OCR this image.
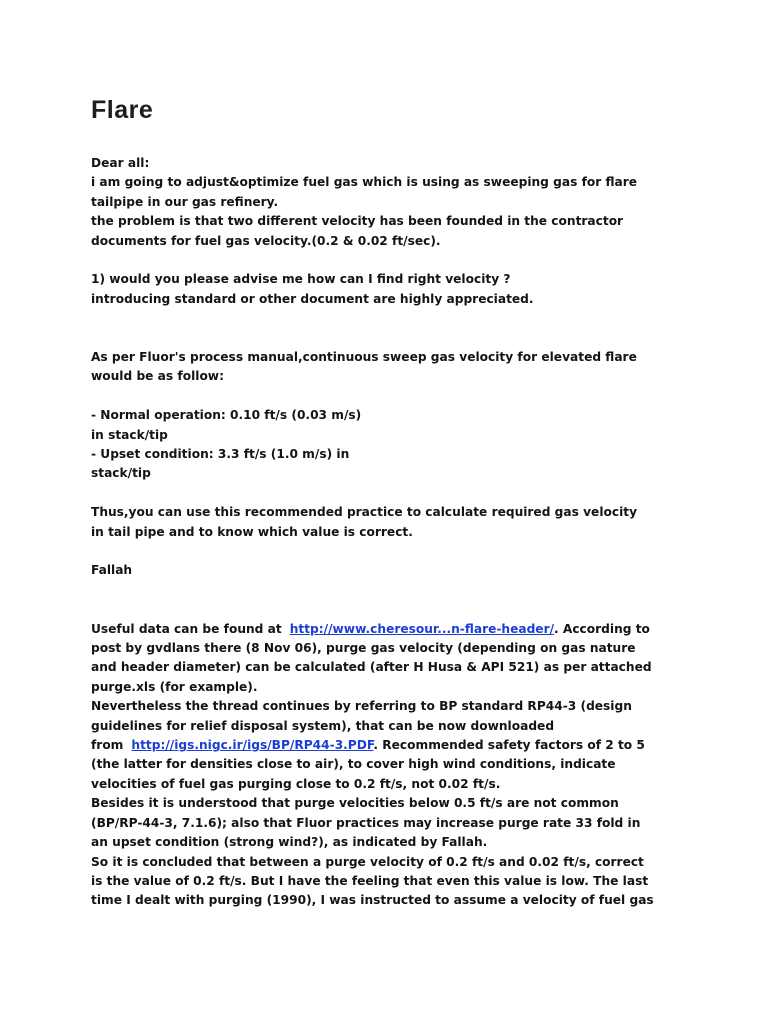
Flare
Dear all:
i am going to adjust&optimize fuel gas which is using as sweeping gas for flare
tailpipe in our gas refinery.
the problem is that two different velocity has been founded in the contractor
documents for fuel gas velocity.(0.2 & 0.02 ft/sec).
1) would you please advise me how can I find right velocity ?
introducing standard or other document are highly appreciated.
As per Fluor's process manual,continuous sweep gas velocity for elevated flare
would be as follow:
- Normal operation: 0.10 ft/s (0.03 m/s)
in stack/tip
- Upset condition: 3.3 ft/s (1.0 m/s) in
stack/tip
Thus,you can use this recommended practice to calculate required gas velocity
in tail pipe and to know which value is correct.
Fallah
Useful data can be found at http://www.cheresour...n-flare-header/. According to
post by gvdlans there (8 Nov 06), purge gas velocity (depending on gas nature
and header diameter) can be calculated (after H Husa & API 521) as per attached
purge.xls (for example).
Nevertheless the thread continues by referring to BP standard RP44-3 (design
guidelines for relief disposal system), that can be now downloaded
from http://igs.nigc.ir/igs/BP/RP44-3.PDF. Recommended safety factors of 2 to 5
(the latter for densities close to air), to cover high wind conditions, indicate
velocities of fuel gas purging close to 0.2 ft/s, not 0.02 ft/s.
Besides it is understood that purge velocities below 0.5 ft/s are not common
(BP/RP-44-3, 7.1.6); also that Fluor practices may increase purge rate 33 fold in
an upset condition (strong wind?), as indicated by Fallah.
So it is concluded that between a purge velocity of 0.2 ft/s and 0.02 ft/s, correct
is the value of 0.2 ft/s. But I have the feeling that even this value is low. The last
time I dealt with purging (1990), I was instructed to assume a velocity of fuel gas
